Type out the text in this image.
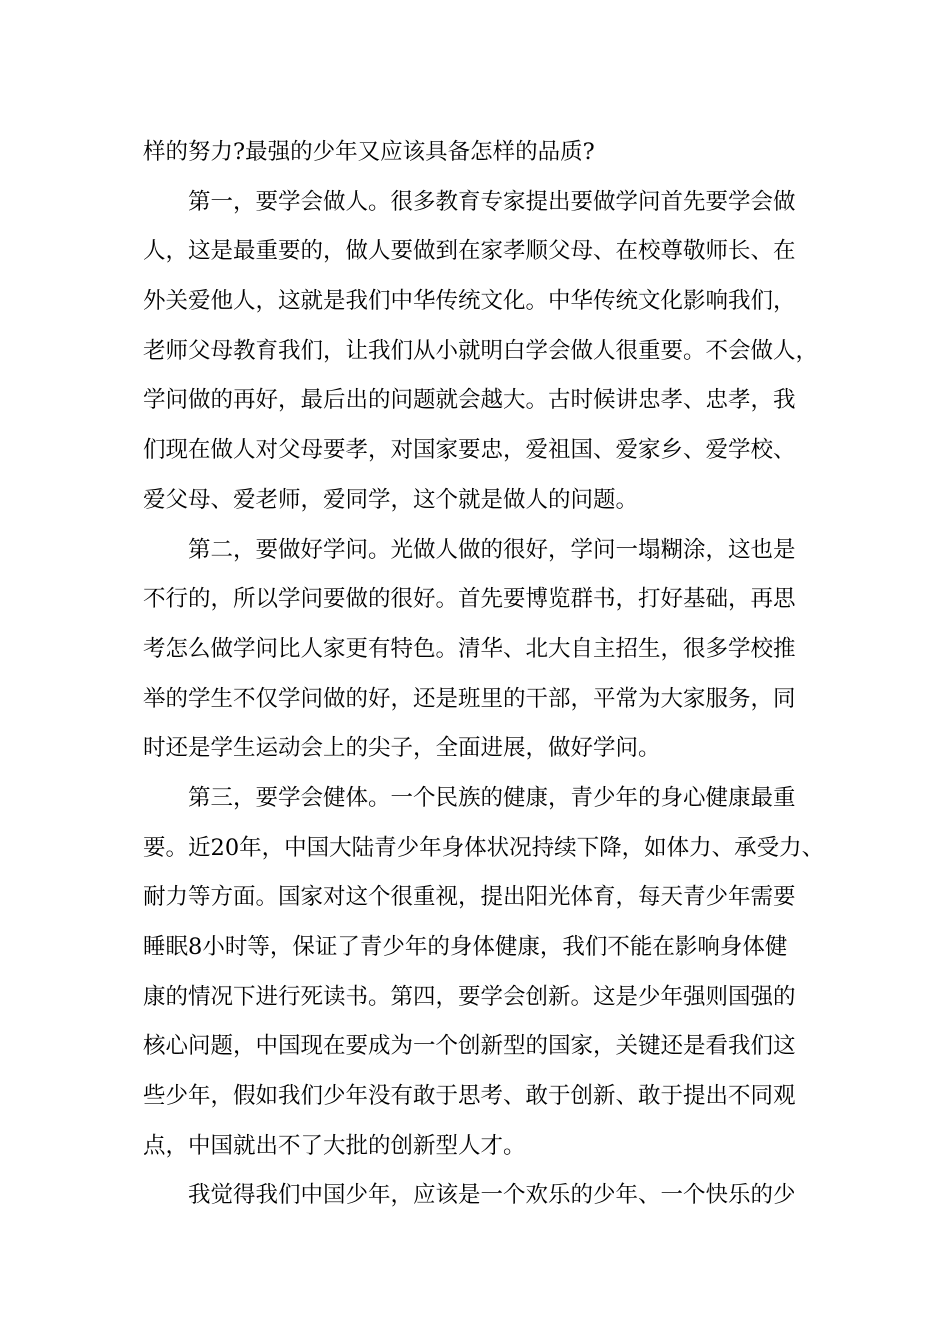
样的努力?最强的少年又应该具备怎样的品质?
第一，要学会做人。很多教育专家提出要做学问首先要学会做
人，这是最重要的，做人要做到在家孝顺父母、在校尊敬师长、在
外关爱他人，这就是我们中华传统文化。中华传统文化影响我们，
老师父母教育我们，让我们从小就明白学会做人很重要。不会做人，
学问做的再好，最后出的问题就会越大。古时候讲忠孝、忠孝，我
们现在做人对父母要孝，对国家要忠，爱祖国、爱家乡、爱学校、
爱父母、爱老师，爱同学，这个就是做人的问题。
第二，要做好学问。光做人做的很好，学问一塌糊涂，这也是
不行的，所以学问要做的很好。首先要博览群书，打好基础，再思
考怎么做学问比人家更有特色。清华、北大自主招生，很多学校推
举的学生不仅学问做的好，还是班里的干部，平常为大家服务，同
时还是学生运动会上的尖子，全面进展，做好学问。
第三，要学会健体。一个民族的健康，青少年的身心健康最重
要。近20年，中国大陆青少年身体状况持续下降，如体力、承受力、
耐力等方面。国家对这个很重视，提出阳光体育，每天青少年需要
睡眠8小时等，保证了青少年的身体健康，我们不能在影响身体健
康的情况下进行死读书。第四，要学会创新。这是少年强则国强的
核心问题，中国现在要成为一个创新型的国家，关键还是看我们这
些少年，假如我们少年没有敢于思考、敢于创新、敢于提出不同观
点，中国就出不了大批的创新型人才。
我觉得我们中国少年，应该是一个欢乐的少年、一个快乐的少
